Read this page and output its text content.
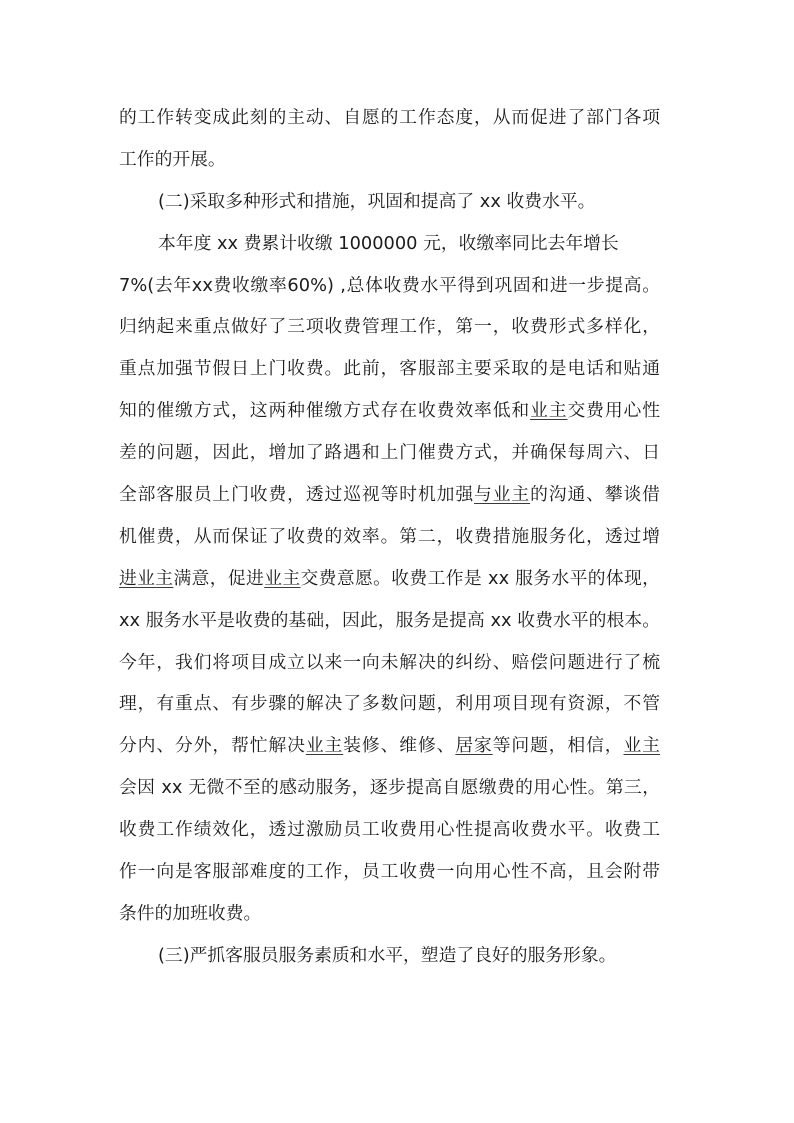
的工作转变成此刻的主动、自愿的工作态度，从而促进了部门各项
工作的开展。
(二)采取多种形式和措施，巩固和提高了 xx 收费水平。
本年度 xx 费累计收缴 1000000 元，收缴率同比去年增长
7%(去年xx费收缴率60%) ,总体收费水平得到巩固和进一步提高。
归纳起来重点做好了三项收费管理工作，第一，收费形式多样化，
重点加强节假日上门收费。此前，客服部主要采取的是电话和贴通
知的催缴方式，这两种催缴方式存在收费效率低和业主交费用心性
差的问题，因此，增加了路遇和上门催费方式，并确保每周六、日
全部客服员上门收费，透过巡视等时机加强与业主的沟通、攀谈借
机催费，从而保证了收费的效率。第二，收费措施服务化，透过增
进业主满意，促进业主交费意愿。收费工作是 xx 服务水平的体现，
xx 服务水平是收费的基础，因此，服务是提高 xx 收费水平的根本。
今年，我们将项目成立以来一向未解决的纠纷、赔偿问题进行了梳
理，有重点、有步骤的解决了多数问题，利用项目现有资源，不管
分内、分外，帮忙解决业主装修、维修、居家等问题，相信，业主
会因 xx 无微不至的感动服务，逐步提高自愿缴费的用心性。第三，
收费工作绩效化，透过激励员工收费用心性提高收费水平。收费工
作一向是客服部难度的工作，员工收费一向用心性不高，且会附带
条件的加班收费。
(三)严抓客服员服务素质和水平，塑造了良好的服务形象。
